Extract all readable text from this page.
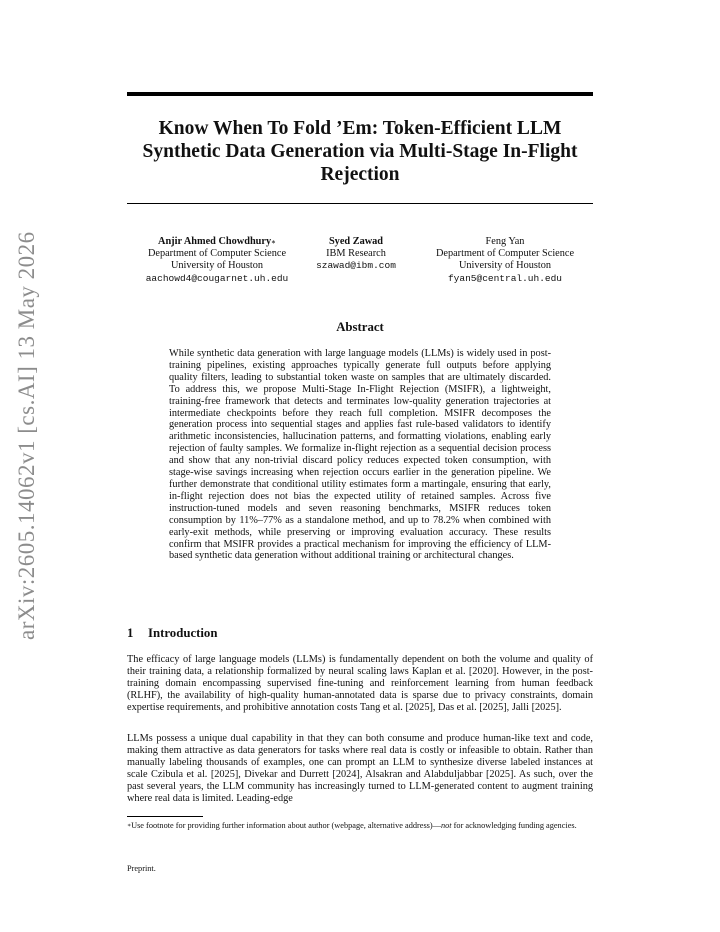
arXiv:2605.14062v1 [cs.AI] 13 May 2026
Know When To Fold ’Em: Token-Efficient LLM Synthetic Data Generation via Multi-Stage In-Flight Rejection
Anjir Ahmed Chowdhury∗
Department of Computer Science
University of Houston
aachowd4@cougarnet.uh.edu
Syed Zawad
IBM Research
szawad@ibm.com
Feng Yan
Department of Computer Science
University of Houston
fyan5@central.uh.edu
Abstract
While synthetic data generation with large language models (LLMs) is widely used in post-training pipelines, existing approaches typically generate full outputs before applying quality filters, leading to substantial token waste on samples that are ultimately discarded. To address this, we propose Multi-Stage In-Flight Rejection (MSIFR), a lightweight, training-free framework that detects and terminates low-quality generation trajectories at intermediate checkpoints before they reach full completion. MSIFR decomposes the generation process into sequential stages and applies fast rule-based validators to identify arithmetic inconsistencies, hallucination patterns, and formatting violations, enabling early rejection of faulty samples. We formalize in-flight rejection as a sequential decision process and show that any non-trivial discard policy reduces expected token consumption, with stage-wise savings increasing when rejection occurs earlier in the generation pipeline. We further demonstrate that conditional utility estimates form a martingale, ensuring that early, in-flight rejection does not bias the expected utility of retained samples. Across five instruction-tuned models and seven reasoning benchmarks, MSIFR reduces token consumption by 11%–77% as a standalone method, and up to 78.2% when combined with early-exit methods, while preserving or improving evaluation accuracy. These results confirm that MSIFR provides a practical mechanism for improving the efficiency of LLM-based synthetic data generation without additional training or architectural changes.
1 Introduction
The efficacy of large language models (LLMs) is fundamentally dependent on both the volume and quality of their training data, a relationship formalized by neural scaling laws Kaplan et al. [2020]. However, in the post-training domain encompassing supervised fine-tuning and reinforcement learning from human feedback (RLHF), the availability of high-quality human-annotated data is sparse due to privacy constraints, domain expertise requirements, and prohibitive annotation costs Tang et al. [2025], Das et al. [2025], Jalli [2025].
LLMs possess a unique dual capability in that they can both consume and produce human-like text and code, making them attractive as data generators for tasks where real data is costly or infeasible to obtain. Rather than manually labeling thousands of examples, one can prompt an LLM to synthesize diverse labeled instances at scale Czibula et al. [2025], Divekar and Durrett [2024], Alsakran and Alabduljabbar [2025]. As such, over the past several years, the LLM community has increasingly turned to LLM-generated content to augment training where real data is limited. Leading-edge
∗Use footnote for providing further information about author (webpage, alternative address)—not for acknowledging funding agencies.
Preprint.
